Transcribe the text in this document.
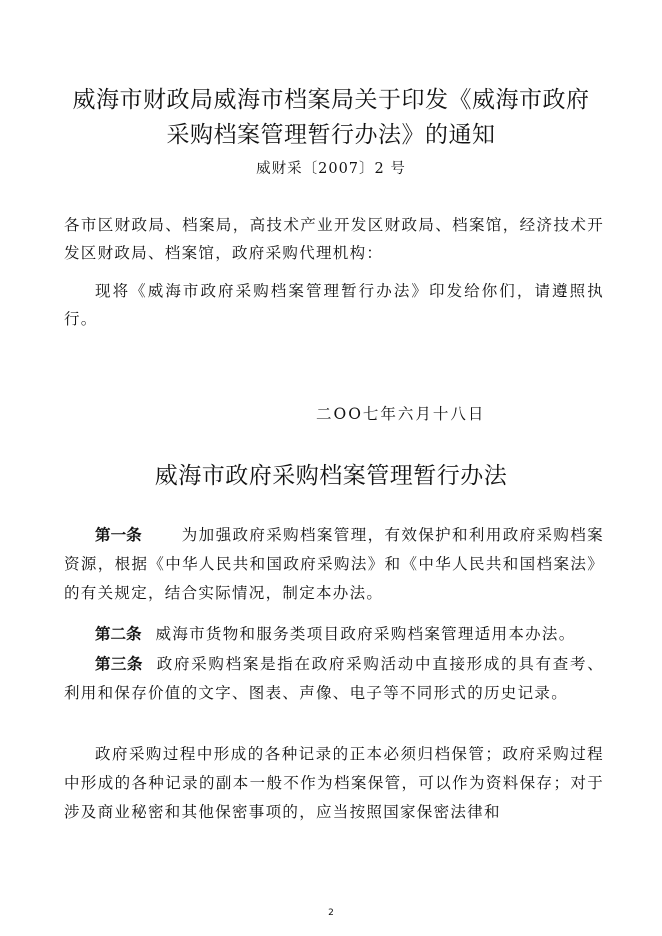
威海市财政局威海市档案局关于印发《威海市政府
采购档案管理暂行办法》的通知
威财采〔2007〕2 号
各市区财政局、档案局，高技术产业开发区财政局、档案馆，经济技术开发区财政局、档案馆，政府采购代理机构：
现将《威海市政府采购档案管理暂行办法》印发给你们，请遵照执行。
二OO七年六月十八日
威海市政府采购档案管理暂行办法
第一条	为加强政府采购档案管理，有效保护和利用政府采购档案资源，根据《中华人民共和国政府采购法》和《中华人民共和国档案法》的有关规定，结合实际情况，制定本办法。
第二条 威海市货物和服务类项目政府采购档案管理适用本办法。
第三条 政府采购档案是指在政府采购活动中直接形成的具有查考、利用和保存价值的文字、图表、声像、电子等不同形式的历史记录。
政府采购过程中形成的各种记录的正本必须归档保管；政府采购过程中形成的各种记录的副本一般不作为档案保管，可以作为资料保存；对于涉及商业秘密和其他保密事项的，应当按照国家保密法律和
2
